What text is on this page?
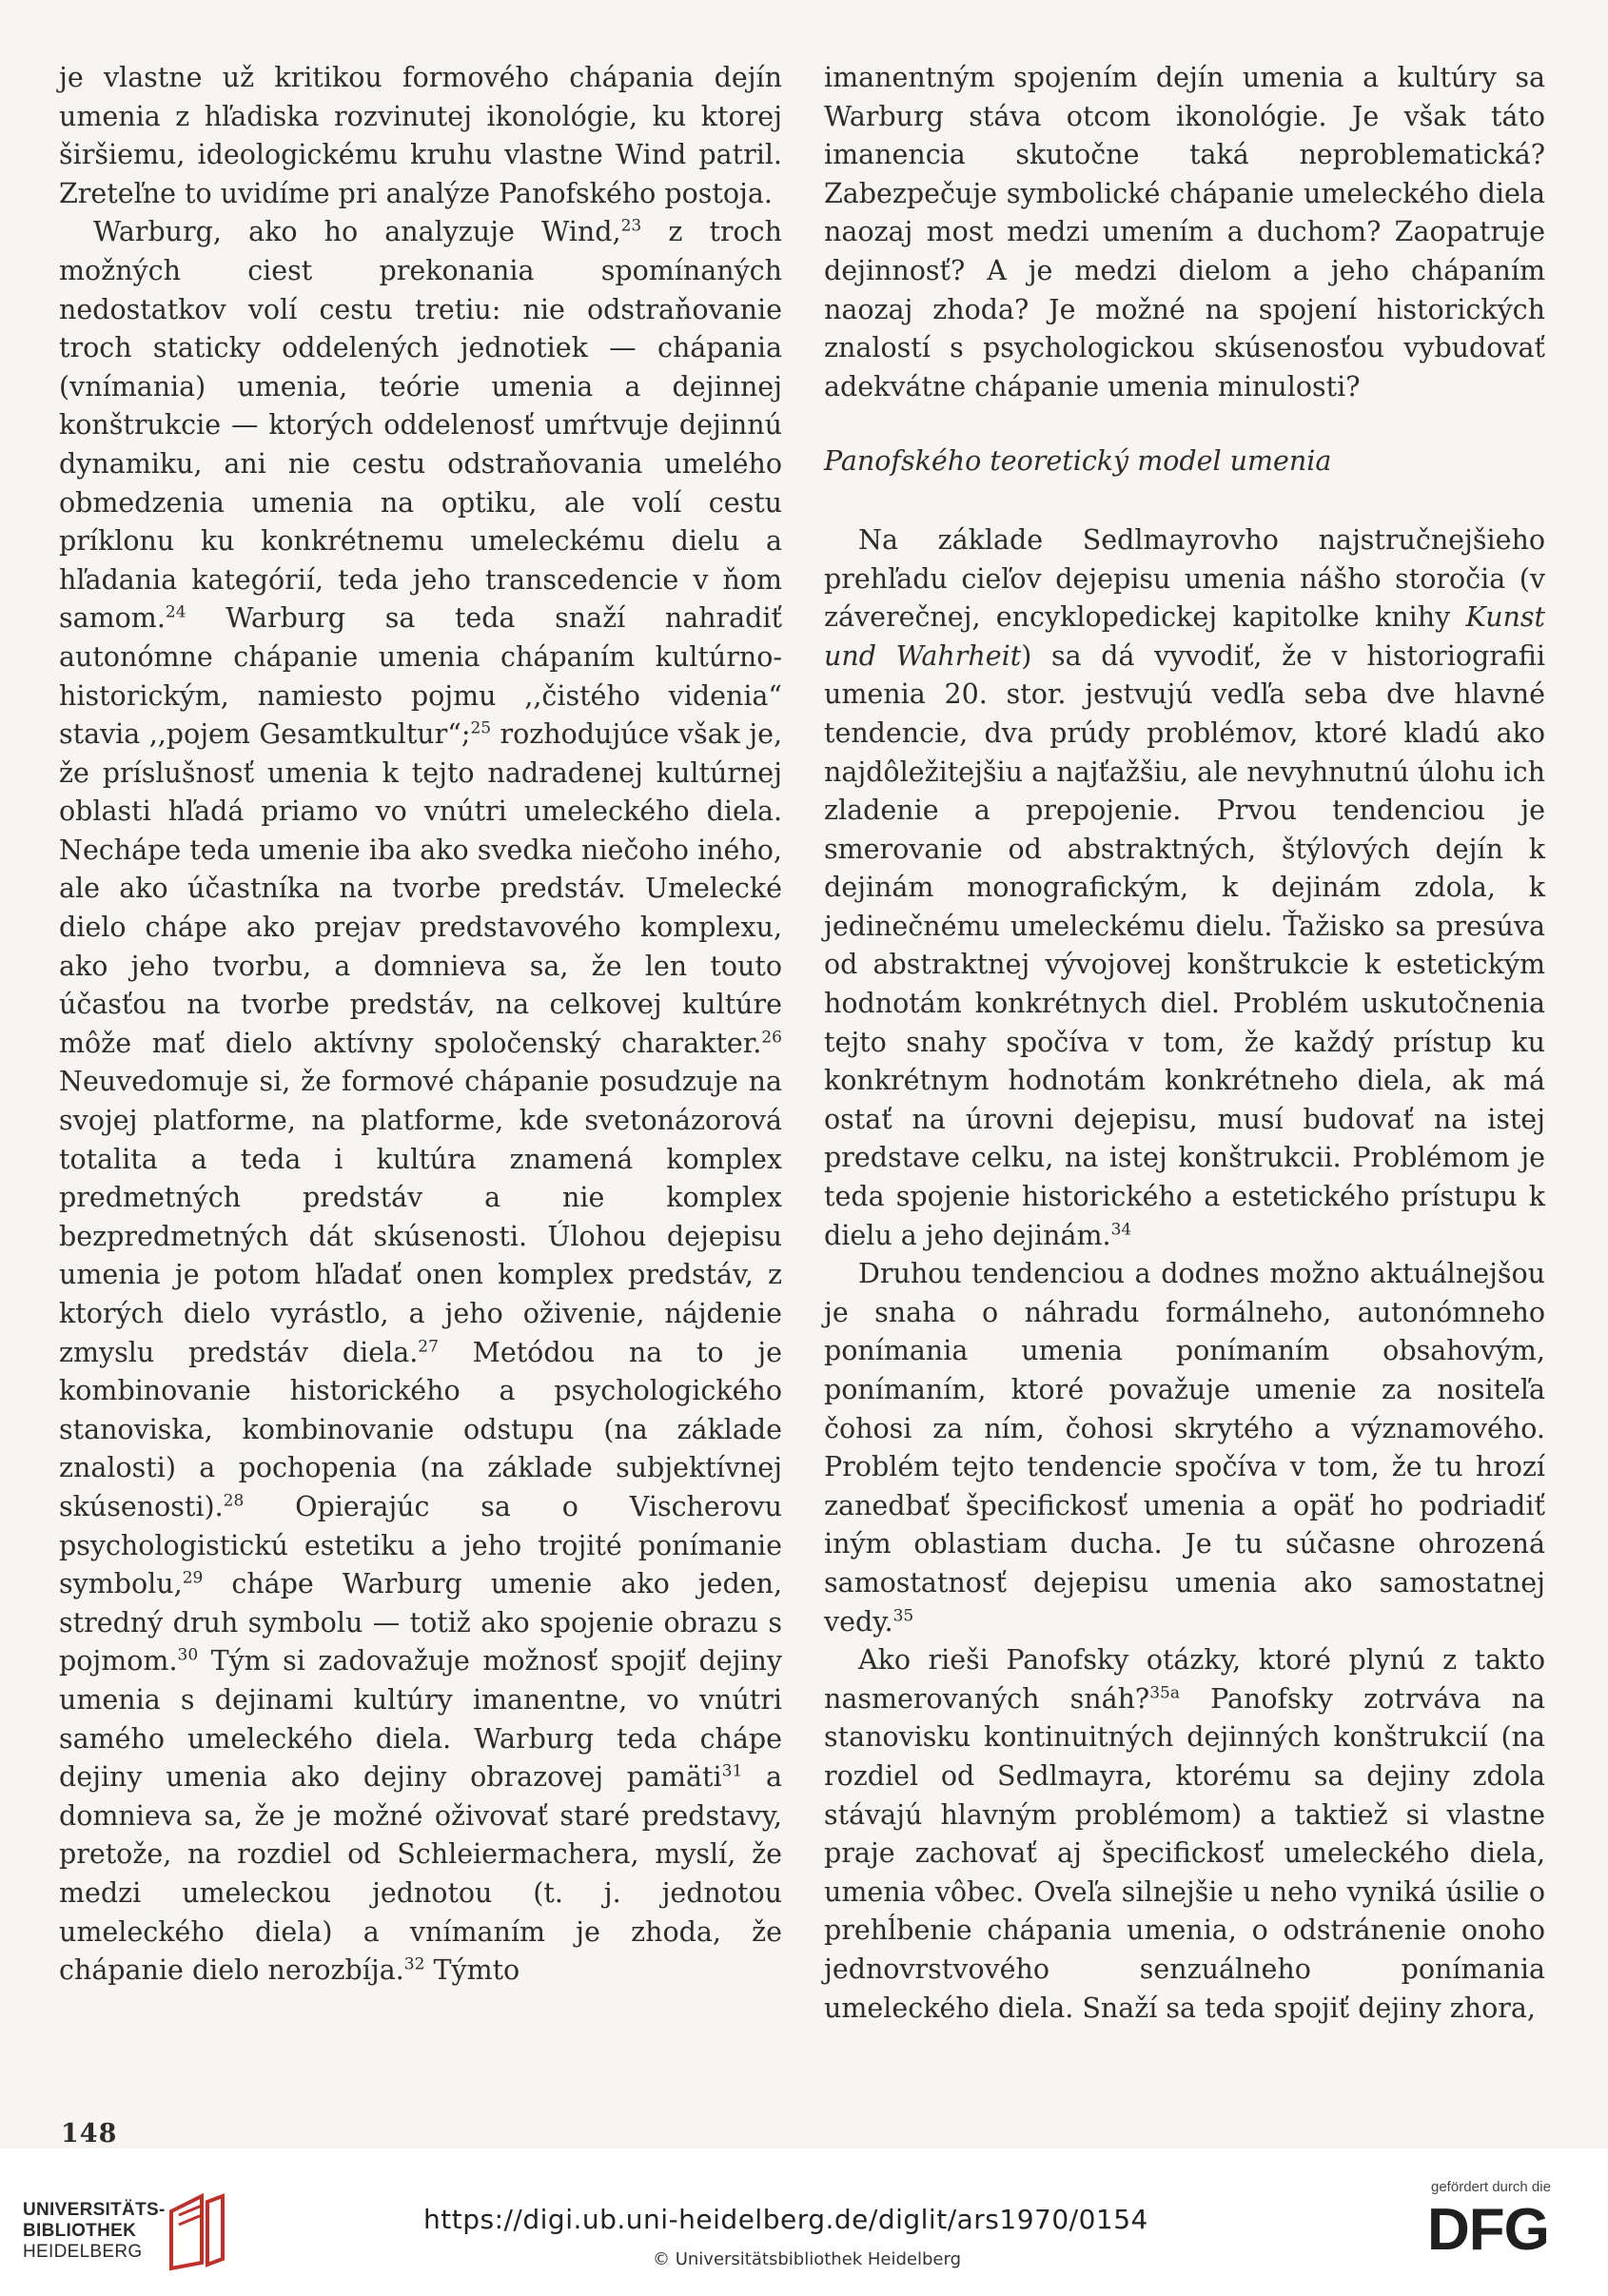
je vlastne už kritikou formového chápania dejín umenia z hľadiska rozvinutej ikonológie, ku ktorej širšiemu, ideologickému kruhu vlastne Wind patril. Zreteľne to uvidíme pri analýze Panofského postoja.

Warburg, ako ho analyzuje Wind,$^{23}$ z troch možných ciest prekonania spomínaných nedostatkov volí cestu tretiu: nie odstraňovanie troch staticky oddelených jednotiek — chápania (vnímania) umenia, teórie umenia a dejinnej konštrukcie — ktorých oddelenosť umŕtvuje dejinnú dynamiku, ani nie cestu odstraňovania umelého obmedzenia umenia na optiku, ale volí cestu príklonu ku konkrétnemu umeleckému dielu a hľadania kategórií, teda jeho transcedencie v ňom samom.$^{24}$ Warburg sa teda snaží nahradiť autonómne chápanie umenia chápaním kultúrno-historickým, namiesto pojmu ,,čistého videnia“ stavia ,,pojem Gesamtkultur“;$^{25}$ rozhodujúce však je, že príslušnosť umenia k tejto nadradenej kultúrnej oblasti hľadá priamo vo vnútri umeleckého diela. Nechápe teda umenie iba ako svedka niečoho iného, ale ako účastníka na tvorbe predstáv. Umelecké dielo chápe ako prejav predstavového komplexu, ako jeho tvorbu, a domnieva sa, že len touto účasťou na tvorbe predstáv, na celkovej kultúre môže mať dielo aktívny spoločenský charakter.$^{26}$ Neuvedomuje si, že formové chápanie posudzuje na svojej platforme, na platforme, kde svetonázorová totalita a teda i kultúra znamená komplex predmetných predstáv a nie komplex bezpredmetných dát skúsenosti. Úlohou dejepisu umenia je potom hľadať onen komplex predstáv, z ktorých dielo vyrástlo, a jeho oživenie, nájdenie zmyslu predstáv diela.$^{27}$ Metódou na to je kombinovanie historického a psychologického stanoviska, kombinovanie odstupu (na základe znalosti) a pochopenia (na základe subjektívnej skúsenosti).$^{28}$ Opierajúc sa o Vischerovu psychologistickú estetiku a jeho trojité ponímanie symbolu,$^{29}$ chápe Warburg umenie ako jeden, stredný druh symbolu — totiž ako spojenie obrazu s pojmom.$^{30}$ Tým si zadovažuje možnosť spojiť dejiny umenia s dejinami kultúry imanentne, vo vnútri samého umeleckého diela. Warburg teda chápe dejiny umenia ako dejiny obrazovej pamäti$^{31}$ a domnieva sa, že je možné oživovať staré predstavy, pretože, na rozdiel od Schleiermachera, myslí, že medzi umeleckou jednotou (t. j. jednotou umeleckého diela) a vnímaním je zhoda, že chápanie dielo nerozbíja.$^{32}$ Týmto

imanentným spojením dejín umenia a kultúry sa Warburg stáva otcom ikonológie. Je však táto imanencia skutočne taká neproblematická? Zabezpečuje symbolické chápanie umeleckého diela naozaj most medzi umením a duchom? Zaopatruje dejinnosť? A je medzi dielom a jeho chápaním naozaj zhoda? Je možné na spojení historických znalostí s psychologickou skúsenosťou vybudovať adekvátne chápanie umenia minulosti?

Panofského teoretický model umenia

Na základe Sedlmayrovho najstručnejšieho prehľadu cieľov dejepisu umenia nášho storočia (v záverečnej, encyklopedickej kapitolke knihy Kunst und Wahrheit) sa dá vyvodiť, že v historiografii umenia 20. stor. jestvujú vedľa seba dve hlavné tendencie, dva prúdy problémov, ktoré kladú ako najdôležitejšiu a najťažšiu, ale nevyhnutnú úlohu ich zladenie a prepojenie. Prvou tendenciou je smerovanie od abstraktných, štýlových dejín k dejinám monografickým, k dejinám zdola, k jedinečnému umeleckému dielu. Ťažisko sa presúva od abstraktnej vývojovej konštrukcie k estetickým hodnotám konkrétnych diel. Problém uskutočnenia tejto snahy spočíva v tom, že každý prístup ku konkrétnym hodnotám konkrétneho diela, ak má ostať na úrovni dejepisu, musí budovať na istej predstave celku, na istej konštrukcii. Problémom je teda spojenie historického a estetického prístupu k dielu a jeho dejinám.$^{34}$

Druhou tendenciou a dodnes možno aktuálnejšou je snaha o náhradu formálneho, autonómneho ponímania umenia ponímaním obsahovým, ponímaním, ktoré považuje umenie za nositeľa čohosi za ním, čohosi skrytého a významového. Problém tejto tendencie spočíva v tom, že tu hrozí zanedbať špecifickosť umenia a opäť ho podriadiť iným oblastiam ducha. Je tu súčasne ohrozená samostatnosť dejepisu umenia ako samostatnej vedy.$^{35}$

Ako rieši Panofsky otázky, ktoré plynú z takto nasmerovaných snáh?$^{35a}$ Panofsky zotrváva na stanovisku kontinuitných dejinných konštrukcií (na rozdiel od Sedlmayra, ktorému sa dejiny zdola stávajú hlavným problémom) a taktiež si vlastne praje zachovať aj špecifickosť umeleckého diela, umenia vôbec. Oveľa silnejšie u neho vyniká úsilie o prehĺbenie chápania umenia, o odstránenie onoho jednovrstvového senzuálneho ponímania umeleckého diela. Snaží sa teda spojiť dejiny zhora,

148
UNIVERSITÄTS-
BIBLIOTHEK
HEIDELBERG
https://digi.ub.uni-heidelberg.de/diglit/ars1970/0154
© Universitätsbibliothek Heidelberg
gefördert durch die
DFG
